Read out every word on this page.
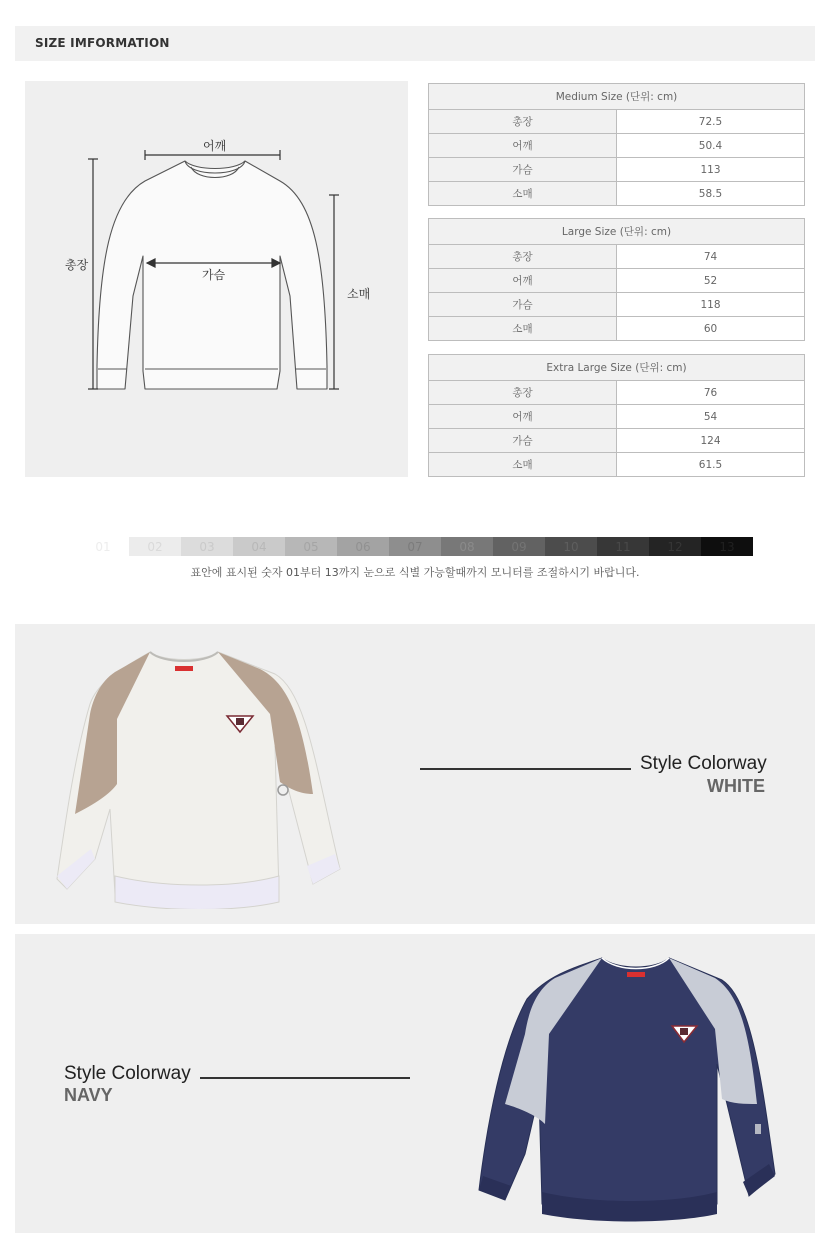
SIZE IMFORMATION
어깨
가슴
총장
소매
Medium Size (단위: cm)	
총장	72.5
어깨	50.4
가슴	113
소매	58.5
Large Size (단위: cm)	
총장	74
어깨	52
가슴	118
소매	60
Extra Large Size (단위: cm)	
총장	76
어깨	54
가슴	124
소매	61.5
01	02	03	04	05	06	07	08	09	10	11	12	13
표안에 표시된 숫자 01부터 13까지 눈으로 식별 가능할때까지 모니터를 조절하시기 바랍니다.
Style Colorway
WHITE
Style Colorway
NAVY
